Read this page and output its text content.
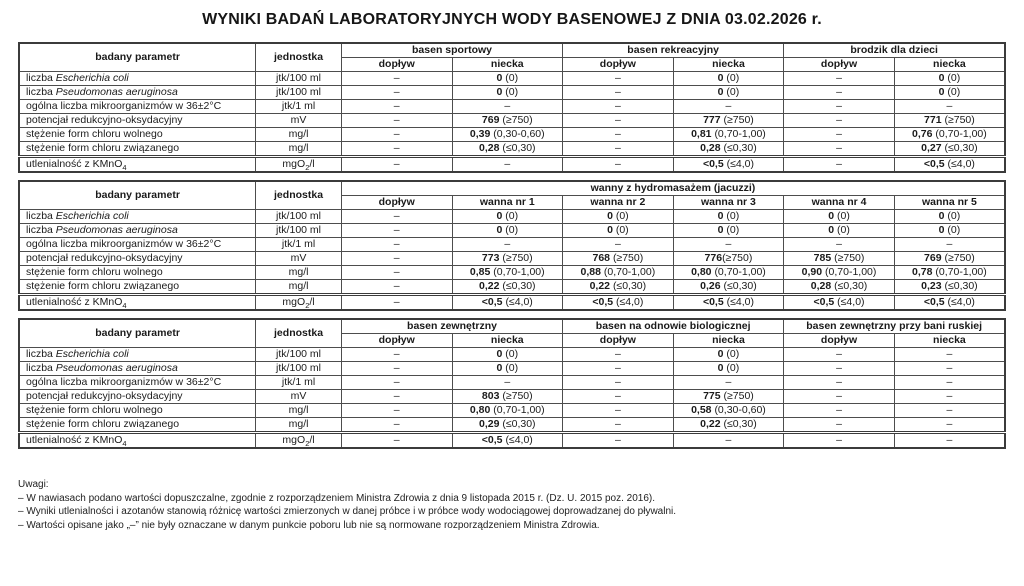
WYNIKI BADAŃ LABORATORYJNYCH WODY BASENOWEJ Z DNIA 03.02.2026 r.
badany parametr	jednostka	basen sportowy		basen rekreacyjny		brodzik dla dzieci	
		dopływ	niecka	dopływ	niecka	dopływ	niecka
liczba Escherichia coli	jtk/100 ml	–	0 (0)	–	0 (0)	–	0 (0)
liczba Pseudomonas aeruginosa	jtk/100 ml	–	0 (0)	–	0 (0)	–	0 (0)
ogólna liczba mikroorganizmów w 36±2°C	jtk/1 ml	–	–	–	–	–	–
potencjał redukcyjno-oksydacyjny	mV	–	769 (≥750)	–	777 (≥750)	–	771 (≥750)
stężenie form chloru wolnego	mg/l	–	0,39 (0,30-0,60)	–	0,81 (0,70-1,00)	–	0,76 (0,70-1,00)
stężenie form chloru związanego	mg/l	–	0,28 (≤0,30)	–	0,28 (≤0,30)	–	0,27 (≤0,30)
utlenialność z KMnO$_4$	mgO$_2$/l	–	–	–	<0,5 (≤4,0)	–	<0,5 (≤4,0)
badany parametr	jednostka	wanny z hydromasażem (jacuzzi)					
		dopływ	wanna nr 1	wanna nr 2	wanna nr 3	wanna nr 4	wanna nr 5
liczba Escherichia coli	jtk/100 ml	–	0 (0)	0 (0)	0 (0)	0 (0)	0 (0)
liczba Pseudomonas aeruginosa	jtk/100 ml	–	0 (0)	0 (0)	0 (0)	0 (0)	0 (0)
ogólna liczba mikroorganizmów w 36±2°C	jtk/1 ml	–	–	–	–	–	–
potencjał redukcyjno-oksydacyjny	mV	–	773 (≥750)	768 (≥750)	776(≥750)	785 (≥750)	769 (≥750)
stężenie form chloru wolnego	mg/l	–	0,85 (0,70-1,00)	0,88 (0,70-1,00)	0,80 (0,70-1,00)	0,90 (0,70-1,00)	0,78 (0,70-1,00)
stężenie form chloru związanego	mg/l	–	0,22 (≤0,30)	0,22 (≤0,30)	0,26 (≤0,30)	0,28 (≤0,30)	0,23 (≤0,30)
utlenialność z KMnO$_4$	mgO$_2$/l	–	<0,5 (≤4,0)	<0,5 (≤4,0)	<0,5 (≤4,0)	<0,5 (≤4,0)	<0,5 (≤4,0)
badany parametr	jednostka	basen zewnętrzny		basen na odnowie biologicznej		basen zewnętrzny przy bani ruskiej	
		dopływ	niecka	dopływ	niecka	dopływ	niecka
liczba Escherichia coli	jtk/100 ml	–	0 (0)	–	0 (0)	–	–
liczba Pseudomonas aeruginosa	jtk/100 ml	–	0 (0)	–	0 (0)	–	–
ogólna liczba mikroorganizmów w 36±2°C	jtk/1 ml	–	–	–	–	–	–
potencjał redukcyjno-oksydacyjny	mV	–	803 (≥750)	–	775 (≥750)	–	–
stężenie form chloru wolnego	mg/l	–	0,80 (0,70-1,00)	–	0,58 (0,30-0,60)	–	–
stężenie form chloru związanego	mg/l	–	0,29 (≤0,30)	–	0,22 (≤0,30)	–	–
utlenialność z KMnO$_4$	mgO$_2$/l	–	<0,5 (≤4,0)	–	–	–	–
Uwagi:
– W nawiasach podano wartości dopuszczalne, zgodnie z rozporządzeniem Ministra Zdrowia z dnia 9 listopada 2015 r. (Dz. U. 2015 poz. 2016).
– Wyniki utlenialności i azotanów stanowią różnicę wartości zmierzonych w danej próbce i w próbce wody wodociągowej doprowadzanej do pływalni.
– Wartości opisane jako „–” nie były oznaczane w danym punkcie poboru lub nie są normowane rozporządzeniem Ministra Zdrowia.
